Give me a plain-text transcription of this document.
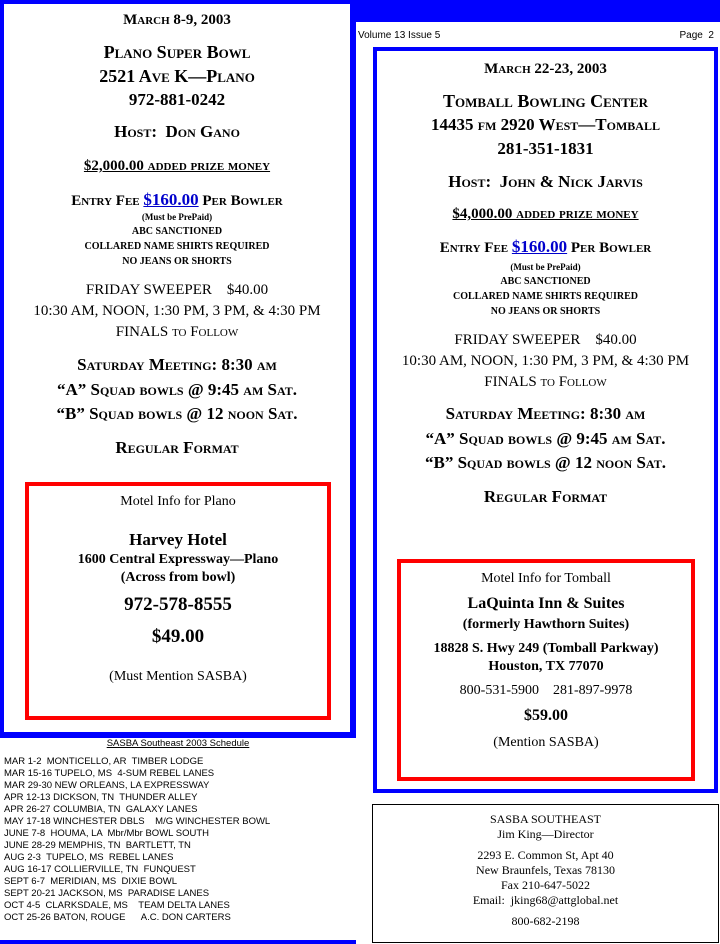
Volume 13 Issue 5	Page  2
March 8-9, 2003
Plano Super Bowl
2521 Ave K—Plano
972-881-0242
Host:  Don Gano
$2,000.00 added prize money
Entry Fee $160.00 Per Bowler
(Must be PrePaid)
ABC SANCTIONED
COLLARED NAME SHIRTS REQUIRED
NO JEANS OR SHORTS
FRIDAY SWEEPER    $40.00
10:30 AM, NOON, 1:30 PM, 3 PM, & 4:30 PM
FINALS to Follow
Saturday Meeting: 8:30 am
“A” Squad bowls @ 9:45 am Sat.
“B” Squad bowls @ 12 noon Sat.
Regular Format
Motel Info for Plano
Harvey Hotel
1600 Central Expressway—Plano
(Across from bowl)
972-578-8555
$49.00
(Must Mention SASBA)
March 22-23, 2003
Tomball Bowling Center
14435 fm 2920 West—Tomball
281-351-1831
Host:  John & Nick Jarvis
$4,000.00 added prize money
Entry Fee $160.00 Per Bowler
(Must be PrePaid)
ABC SANCTIONED
COLLARED NAME SHIRTS REQUIRED
NO JEANS OR SHORTS
FRIDAY SWEEPER    $40.00
10:30 AM, NOON, 1:30 PM, 3 PM, & 4:30 PM
FINALS to Follow
Saturday Meeting: 8:30 am
“A” Squad bowls @ 9:45 am Sat.
“B” Squad bowls @ 12 noon Sat.
Regular Format
Motel Info for Tomball
LaQuinta Inn & Suites
(formerly Hawthorn Suites)
18828 S. Hwy 249 (Tomball Parkway)
Houston, TX 77070
800-531-5900    281-897-9978
$59.00
(Mention SASBA)
SASBA Southeast 2003 Schedule
MAR 1-2  MONTICELLO, AR  TIMBER LODGE
MAR 15-16 TUPELO, MS  4-SUM REBEL LANES
MAR 29-30 NEW ORLEANS, LA EXPRESSWAY
APR 12-13 DICKSON, TN  THUNDER ALLEY
APR 26-27 COLUMBIA, TN  GALAXY LANES
MAY 17-18 WINCHESTER DBLS    M/G WINCHESTER BOWL
JUNE 7-8  HOUMA, LA  Mbr/Mbr BOWL SOUTH
JUNE 28-29 MEMPHIS, TN  BARTLETT, TN
AUG 2-3  TUPELO, MS  REBEL LANES
AUG 16-17 COLLIERVILLE, TN  FUNQUEST
SEPT 6-7  MERIDIAN, MS  DIXIE BOWL
SEPT 20-21 JACKSON, MS  PARADISE LANES
OCT 4-5  CLARKSDALE, MS    TEAM DELTA LANES
OCT 25-26 BATON, ROUGE      A.C. DON CARTERS
SASBA SOUTHEAST
Jim King—Director
2293 E. Common St, Apt 40
New Braunfels, Texas 78130
Fax 210-647-5022
Email:  jking68@attglobal.net
800-682-2198
